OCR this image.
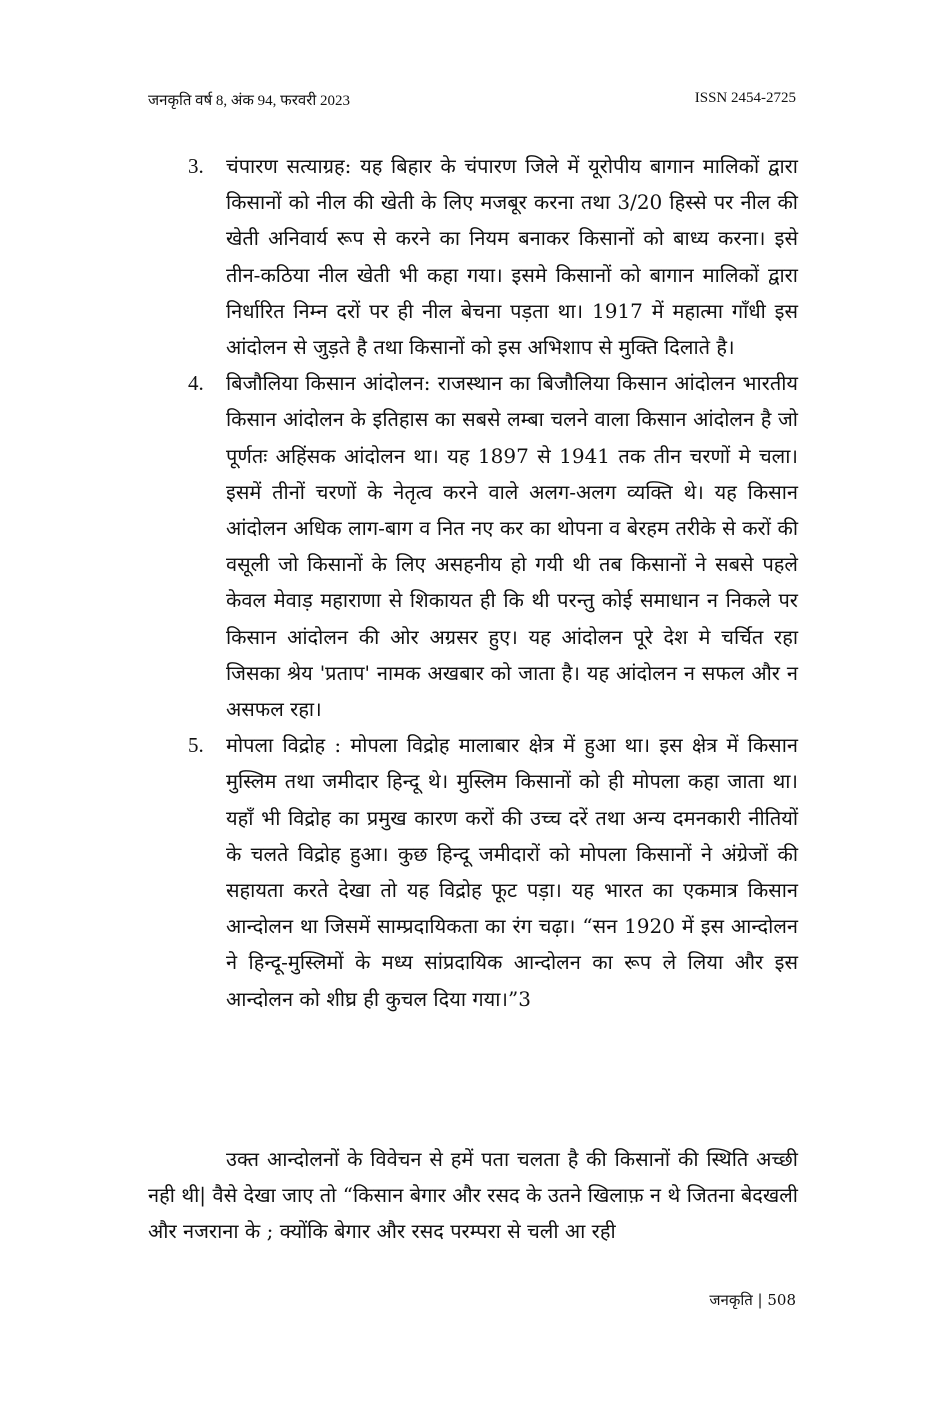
जनकृति वर्ष 8, अंक 94, फरवरी 2023	ISSN 2454-2725
3. चंपारण सत्याग्रह: यह बिहार के चंपारण जिले में यूरोपीय बागान मालिकों द्वारा किसानों को नील की खेती के लिए मजबूर करना तथा 3/20 हिस्से पर नील की खेती अनिवार्य रूप से करने का नियम बनाकर किसानों को बाध्य करना। इसे तीन-कठिया नील खेती भी कहा गया। इसमे किसानों को बागान मालिकों द्वारा निर्धारित निम्न दरों पर ही नील बेचना पड़ता था। 1917 में महात्मा गाँधी इस आंदोलन से जुड़ते है तथा किसानों को इस अभिशाप से मुक्ति दिलाते है।
4. बिजौलिया किसान आंदोलन: राजस्थान का बिजौलिया किसान आंदोलन भारतीय किसान आंदोलन के इतिहास का सबसे लम्बा चलने वाला किसान आंदोलन है जो पूर्णतः अहिंसक आंदोलन था। यह 1897 से 1941 तक तीन चरणों मे चला। इसमें तीनों चरणों के नेतृत्व करने वाले अलग-अलग व्यक्ति थे। यह किसान आंदोलन अधिक लाग-बाग व नित नए कर का थोपना व बेरहम तरीके से करों की वसूली जो किसानों के लिए असहनीय हो गयी थी तब किसानों ने सबसे पहले केवल मेवाड़ महाराणा से शिकायत ही कि थी परन्तु कोई समाधान न निकले पर किसान आंदोलन की ओर अग्रसर हुए। यह आंदोलन पूरे देश मे चर्चित रहा जिसका श्रेय 'प्रताप' नामक अखबार को जाता है। यह आंदोलन न सफल और न असफल रहा।
5. मोपला विद्रोह : मोपला विद्रोह मालाबार क्षेत्र में हुआ था। इस क्षेत्र में किसान मुस्लिम तथा जमीदार हिन्दू थे। मुस्लिम किसानों को ही मोपला कहा जाता था। यहाँ भी विद्रोह का प्रमुख कारण करों की उच्च दरें तथा अन्य दमनकारी नीतियों के चलते विद्रोह हुआ। कुछ हिन्दू जमीदारों को मोपला किसानों ने अंग्रेजों की सहायता करते देखा तो यह विद्रोह फूट पड़ा। यह भारत का एकमात्र किसान आन्दोलन था जिसमें साम्प्रदायिकता का रंग चढ़ा। “सन 1920 में इस आन्दोलन ने हिन्दू-मुस्लिमों के मध्य सांप्रदायिक आन्दोलन का रूप ले लिया और इस आन्दोलन को शीघ्र ही कुचल दिया गया।”3
उक्त आन्दोलनों के विवेचन से हमें पता चलता है की किसानों की स्थिति अच्छी नही थी| वैसे देखा जाए तो “किसान बेगार और रसद के उतने खिलाफ़ न थे जितना बेदखली और नजराना के ; क्योंकि बेगार और रसद परम्परा से चली आ रही
जनकृति | 508
